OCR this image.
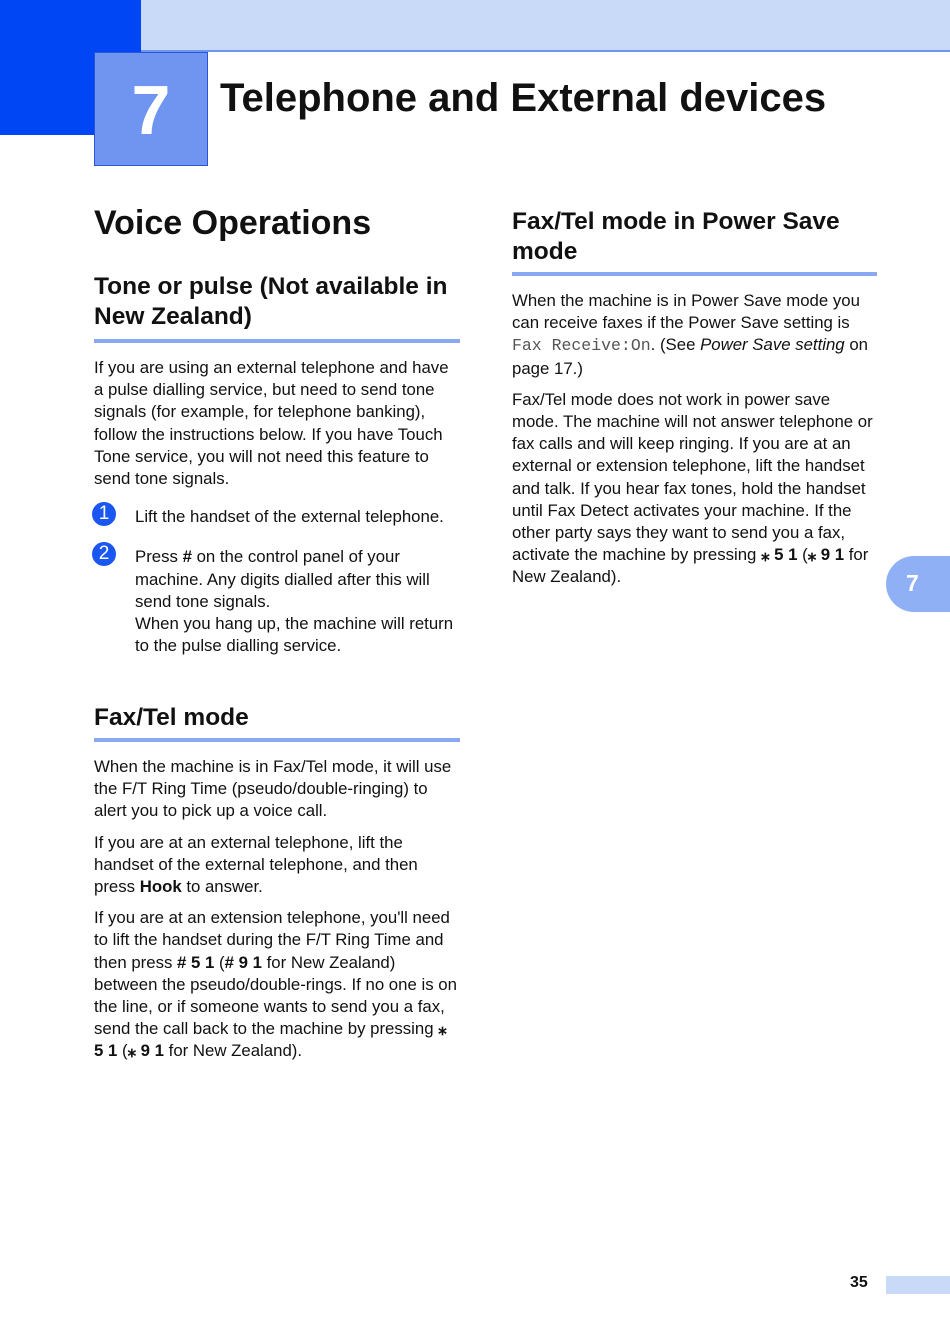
7	Telephone and External devices
Voice Operations
Tone or pulse (Not available in New Zealand)

If you are using an external telephone and have a pulse dialling service, but need to send tone signals (for example, for telephone banking), follow the instructions below. If you have Touch Tone service, you will not need this feature to send tone signals.

1	Lift the handset of the external telephone.

2	Press # on the control panel of your machine. Any digits dialled after this will send tone signals.

When you hang up, the machine will return to the pulse dialling service.

Fax/Tel mode

When the machine is in Fax/Tel mode, it will use the F/T Ring Time (pseudo/double-ringing) to alert you to pick up a voice call.

If you are at an external telephone, lift the handset of the external telephone, and then press Hook to answer.

If you are at an extension telephone, you'll need to lift the handset during the F/T Ring Time and then press # 5 1 (# 9 1 for New Zealand) between the pseudo/double-rings. If no one is on the line, or if someone wants to send you a fax, send the call back to the machine by pressing ⁎ 5 1 (⁎ 9 1 for New Zealand).

Fax/Tel mode in Power Save mode

When the machine is in Power Save mode you can receive faxes if the Power Save setting is Fax Receive:On. (See Power Save setting on page 17.)

Fax/Tel mode does not work in power save mode. The machine will not answer telephone or fax calls and will keep ringing. If you are at an external or extension telephone, lift the handset and talk. If you hear fax tones, hold the handset until Fax Detect activates your machine. If the other party says they want to send you a fax, activate the machine by pressing ⁎ 5 1 (⁎ 9 1 for New Zealand).	7
35
